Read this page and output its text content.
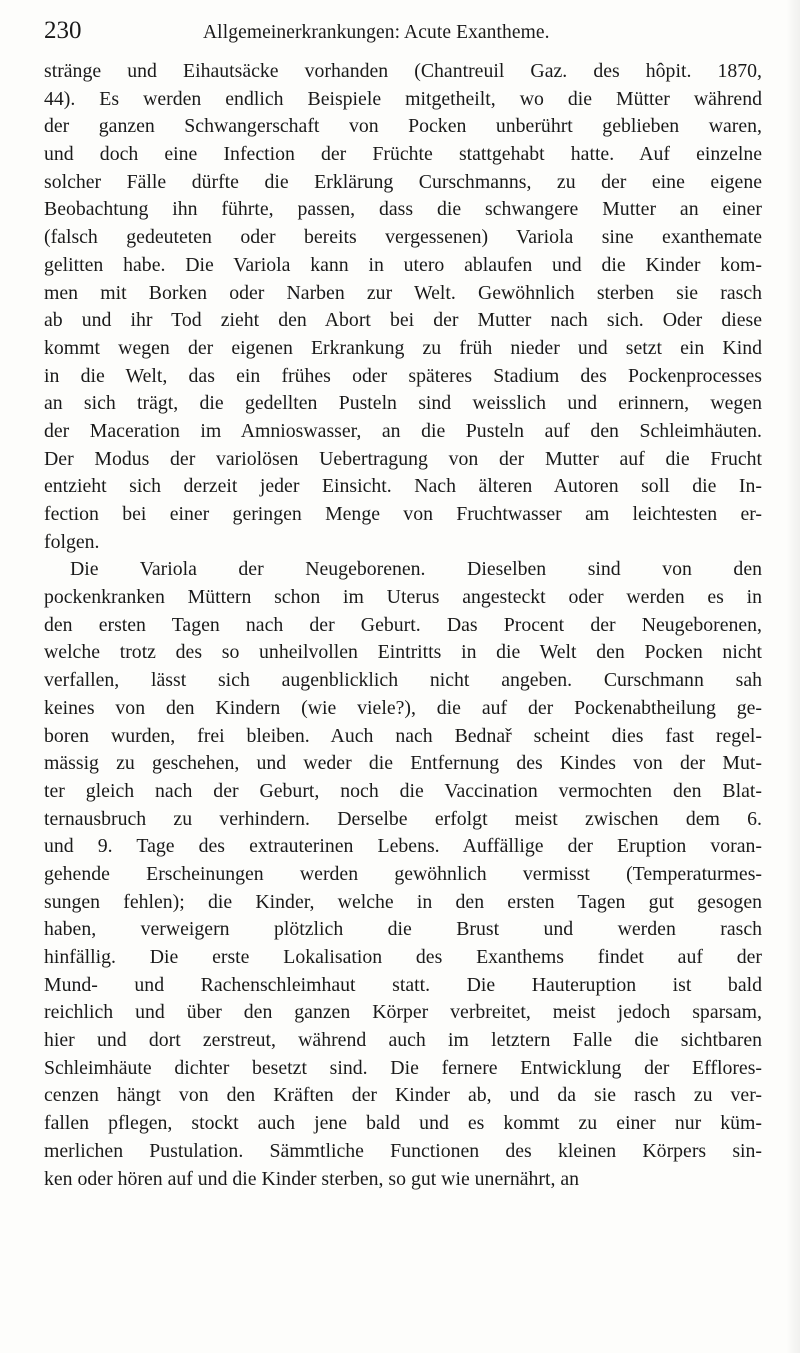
230	Allgemeinerkrankungen: Acute Exantheme.
stränge und Eihautsäcke vorhanden (Chantreuil Gaz. des hôpit. 1870,
44). Es werden endlich Beispiele mitgetheilt, wo die Mütter während
der ganzen Schwangerschaft von Pocken unberührt geblieben waren,
und doch eine Infection der Früchte stattgehabt hatte. Auf einzelne
solcher Fälle dürfte die Erklärung Curschmanns, zu der eine eigene
Beobachtung ihn führte, passen, dass die schwangere Mutter an einer
(falsch gedeuteten oder bereits vergessenen) Variola sine exanthemate
gelitten habe. Die Variola kann in utero ablaufen und die Kinder kom-
men mit Borken oder Narben zur Welt. Gewöhnlich sterben sie rasch
ab und ihr Tod zieht den Abort bei der Mutter nach sich. Oder diese
kommt wegen der eigenen Erkrankung zu früh nieder und setzt ein Kind
in die Welt, das ein frühes oder späteres Stadium des Pockenprocesses
an sich trägt, die gedellten Pusteln sind weisslich und erinnern, wegen
der Maceration im Amnioswasser, an die Pusteln auf den Schleimhäuten.
Der Modus der variolösen Uebertragung von der Mutter auf die Frucht
entzieht sich derzeit jeder Einsicht. Nach älteren Autoren soll die In-
fection bei einer geringen Menge von Fruchtwasser am leichtesten er-
folgen.
Die Variola der Neugeborenen. Dieselben sind von den
pockenkranken Müttern schon im Uterus angesteckt oder werden es in
den ersten Tagen nach der Geburt. Das Procent der Neugeborenen,
welche trotz des so unheilvollen Eintritts in die Welt den Pocken nicht
verfallen, lässt sich augenblicklich nicht angeben. Curschmann sah
keines von den Kindern (wie viele?), die auf der Pockenabtheilung ge-
boren wurden, frei bleiben. Auch nach Bednař scheint dies fast regel-
mässig zu geschehen, und weder die Entfernung des Kindes von der Mut-
ter gleich nach der Geburt, noch die Vaccination vermochten den Blat-
ternausbruch zu verhindern. Derselbe erfolgt meist zwischen dem 6.
und 9. Tage des extrauterinen Lebens. Auffällige der Eruption voran-
gehende Erscheinungen werden gewöhnlich vermisst (Temperaturmes-
sungen fehlen); die Kinder, welche in den ersten Tagen gut gesogen
haben, verweigern plötzlich die Brust und werden rasch
hinfällig. Die erste Lokalisation des Exanthems findet auf der
Mund- und Rachenschleimhaut statt. Die Hauteruption ist bald
reichlich und über den ganzen Körper verbreitet, meist jedoch sparsam,
hier und dort zerstreut, während auch im letztern Falle die sichtbaren
Schleimhäute dichter besetzt sind. Die fernere Entwicklung der Efflores-
cenzen hängt von den Kräften der Kinder ab, und da sie rasch zu ver-
fallen pflegen, stockt auch jene bald und es kommt zu einer nur küm-
merlichen Pustulation. Sämmtliche Functionen des kleinen Körpers sin-
ken oder hören auf und die Kinder sterben, so gut wie unernährt, an
